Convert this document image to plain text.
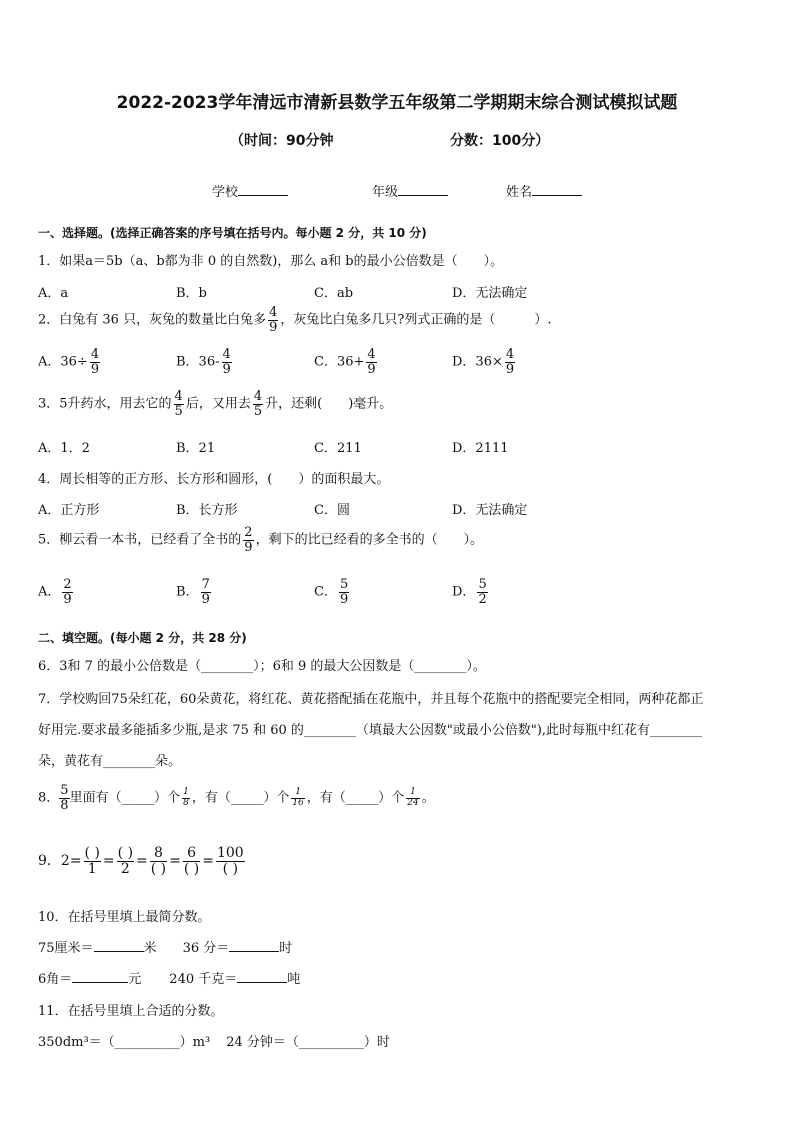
2022-2023学年清远市清新县数学五年级第二学期期末综合测试模拟试题
（时间：90分钟	分数：100分）
学校	年级	姓名
一、选择题。(选择正确答案的序号填在括号内。每小题 2 分，共 10 分)
1．如果a＝5b（a、b都为非 0 的自然数)，那么 a和 b的最小公倍数是（　　）。
A．a	B．b	C．ab	D．无法确定
2．白兔有 36 只，灰兔的数量比白兔多 $\frac{4}{9}$ ，灰兔比白兔多几只?列式正确的是（　　　）.
A．$36\div \frac{4}{9}$	B．$36- \frac{4}{9}$	C．$36+ \frac{4}{9}$	D．$36\times \frac{4}{9}$
3．5升药水，用去它的 $\frac{4}{5}$ 后，又用去 $\frac{4}{5}$ 升，还剩(　　)毫升。
A．1．2	B．21	C．211	D．2111
4．周长相等的正方形、长方形和圆形，(　　）的面积最大。
A．正方形	B．长方形	C．圆	D．无法确定
5．柳云看一本书，已经看了全书的 $\frac{2}{9}$ ，剩下的比已经看的多全书的（　　）。
A． $\frac{2}{9}$	B． $\frac{7}{9}$	C． $\frac{5}{9}$	D． $\frac{5}{2}$
二、填空题。(每小题 2 分，共 28 分)
6．3和 7 的最小公倍数是（________）；6和 9 的最大公因数是（________）。
7．学校购回75朵红花，60朵黄花，将红花、黄花搭配插在花瓶中，并且每个花瓶中的搭配要完全相同，两种花都正
好用完.要求最多能插多少瓶,是求 75 和 60 的________（填最大公因数"或最小公倍数"),此时每瓶中红花有________
朵，黄花有________朵。
8． $\frac{5}{8}$ 里面有（_____）个 $\frac{1}{8}$ ，有（_____）个 $\frac{1}{16}$ ，有（_____）个 $\frac{1}{24}$ 。
9．$2= \frac{( )}{1} = \frac{( )}{2} = \frac{8}{( )} = \frac{6}{( )} = \frac{100}{( )}$
10．在括号里填上最简分数。
75厘米＝	米 36 分＝	时
6角＝	元 240 千克＝	吨
11．在括号里填上合适的分数。
350dm³＝（__________）m³ 24 分钟＝（__________）时
